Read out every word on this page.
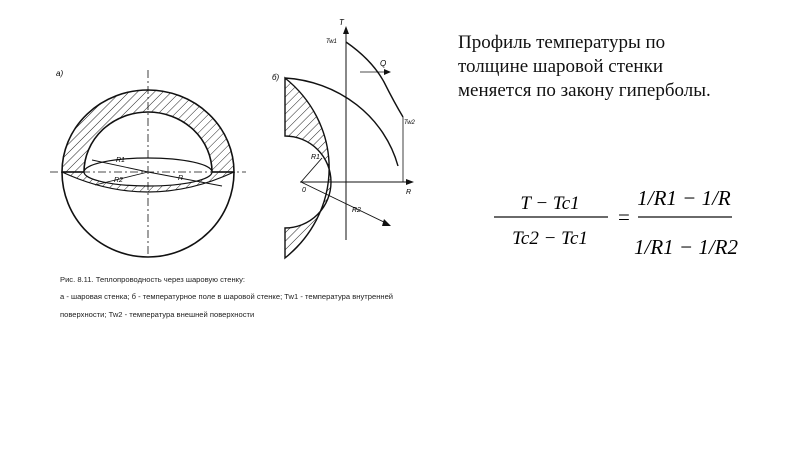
а)
R1
R2	R
б)
T
Tw1
R
0
Tw2
Q
R1
R2
Рис. 8.11. Теплопроводность через шаровую стенку:
а - шаровая стенка; б - температурное поле в шаровой стенке; Tw1 - температура внутренней
поверхности; Tw2 - температура внешней поверхности
Профиль температуры по
толщине шаровой стенки
меняется по закону гиперболы.
T − Tc1
Tc2 − Tc1
=
1/R1 − 1/R
1/R1 − 1/R2
